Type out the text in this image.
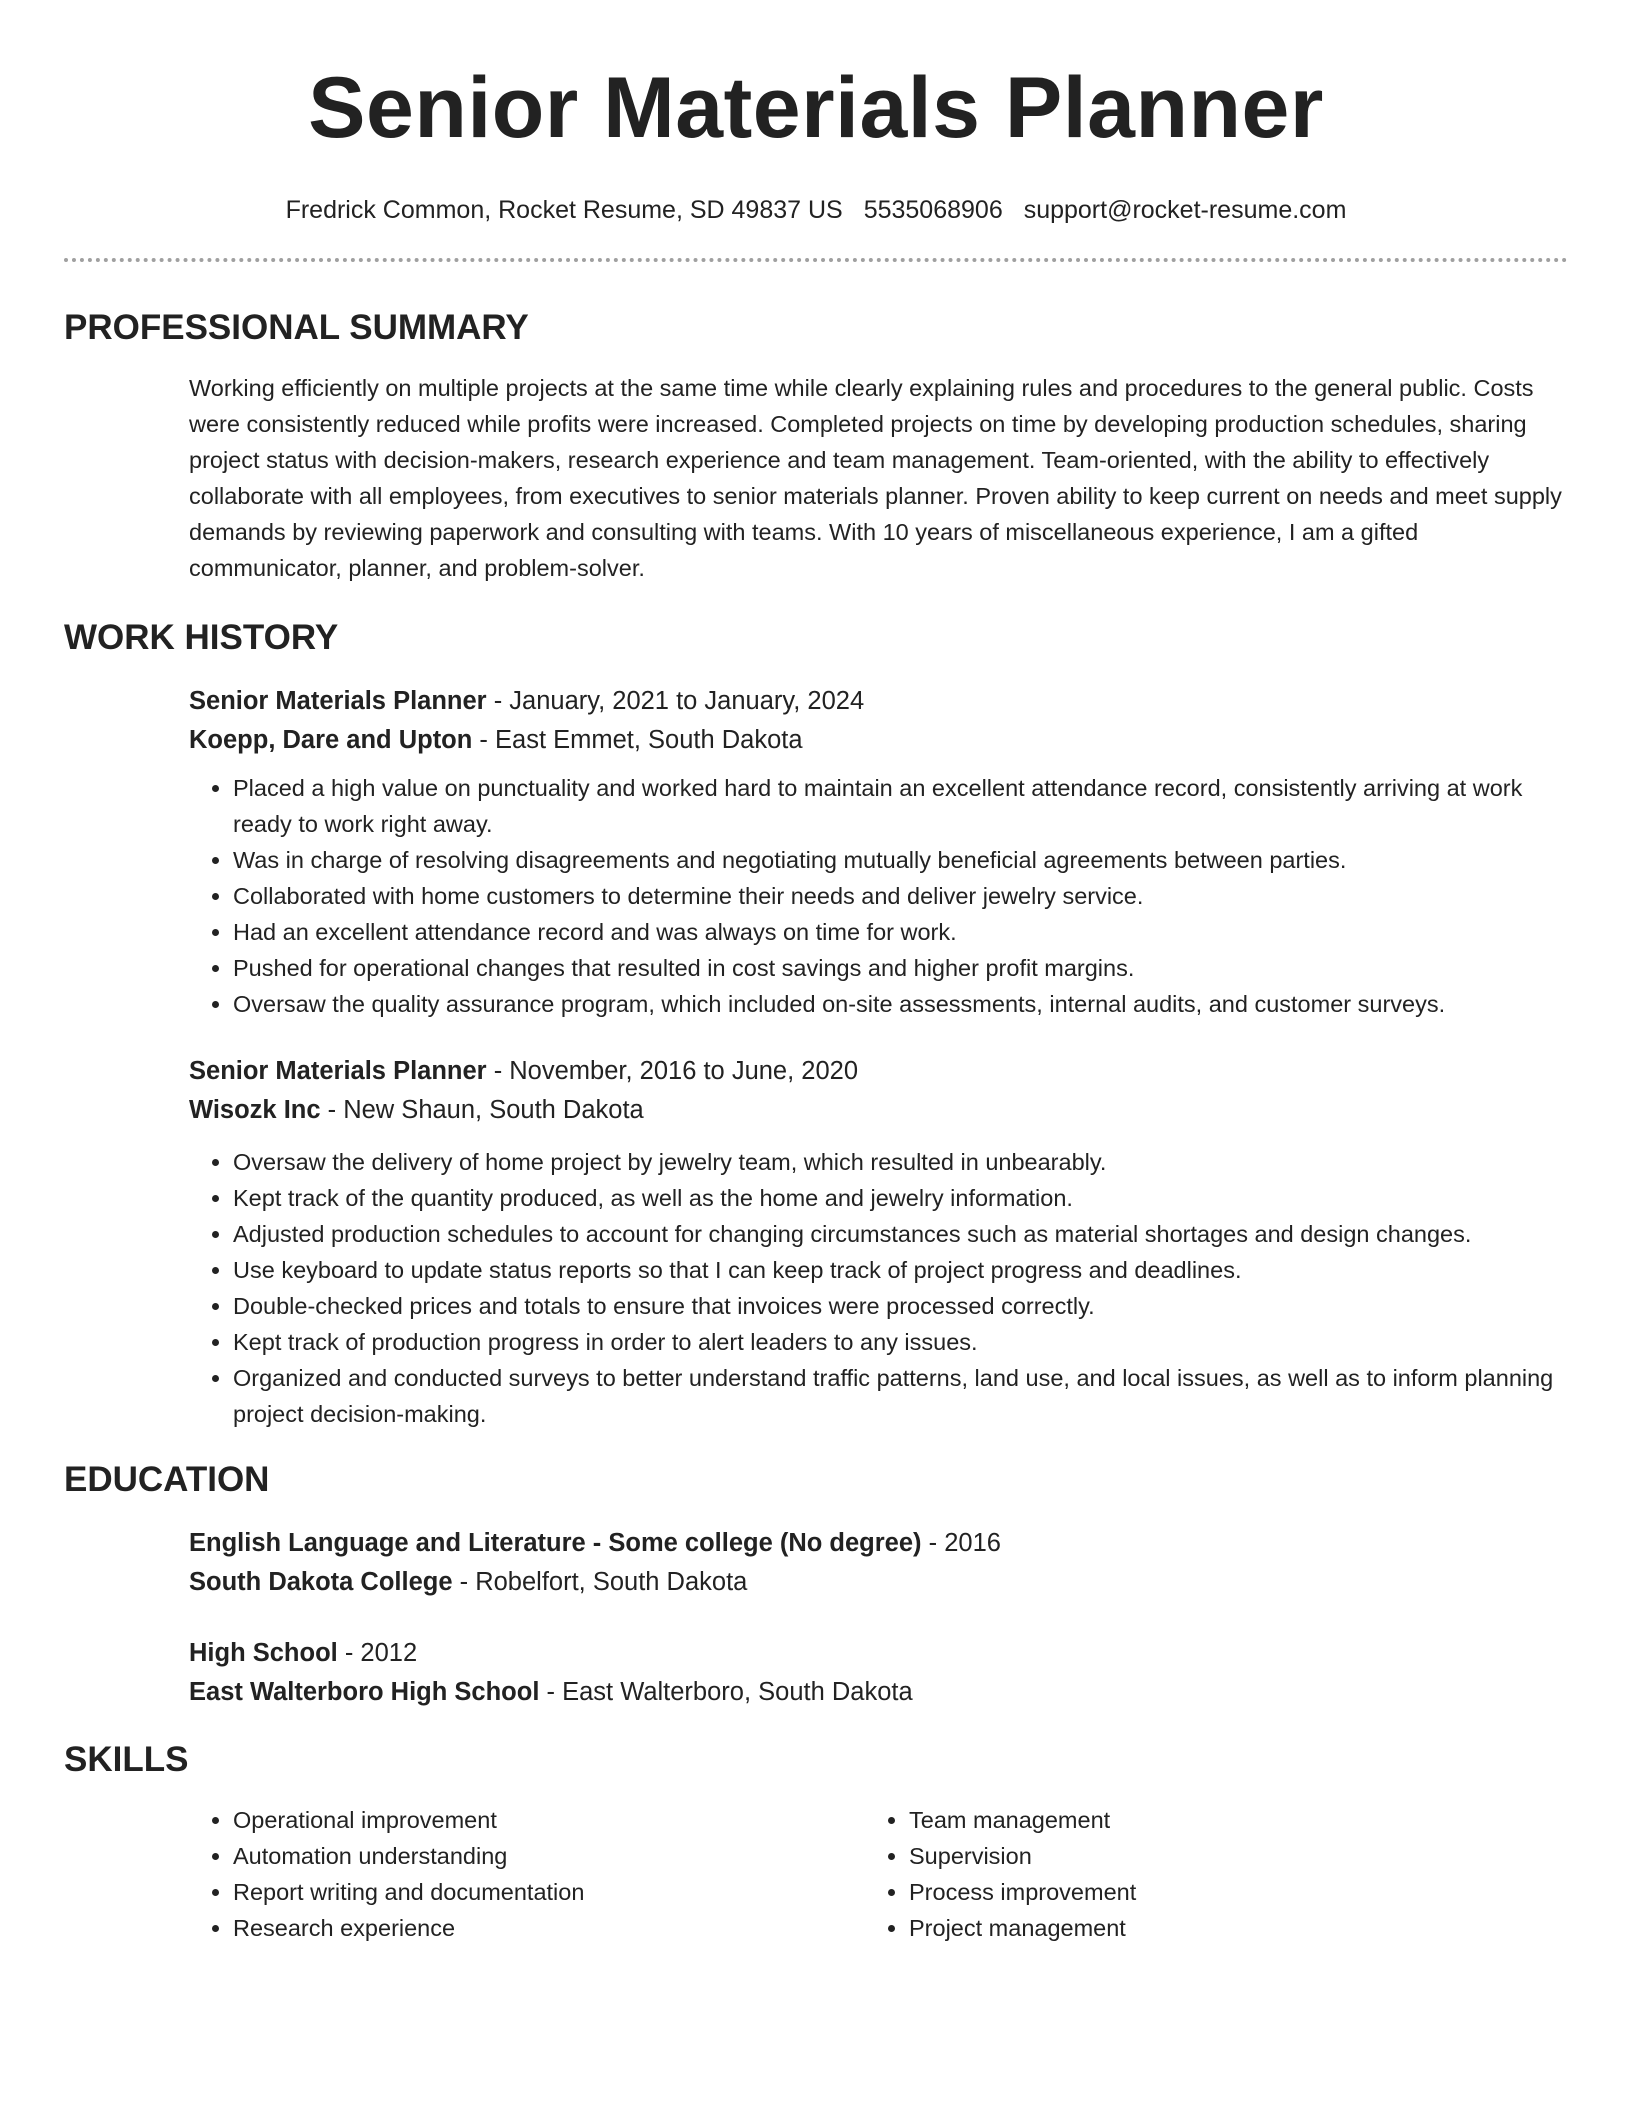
Senior Materials Planner
Fredrick Common, Rocket Resume, SD 49837 US 5535068906 support@rocket-resume.com
PROFESSIONAL SUMMARY
Working efficiently on multiple projects at the same time while clearly explaining rules and procedures to the general public. Costs were consistently reduced while profits were increased. Completed projects on time by developing production schedules, sharing project status with decision-makers, research experience and team management. Team-oriented, with the ability to effectively collaborate with all employees, from executives to senior materials planner. Proven ability to keep current on needs and meet supply demands by reviewing paperwork and consulting with teams. With 10 years of miscellaneous experience, I am a gifted communicator, planner, and problem-solver.
WORK HISTORY
Senior Materials Planner - January, 2021 to January, 2024
Koepp, Dare and Upton - East Emmet, South Dakota
• Placed a high value on punctuality and worked hard to maintain an excellent attendance record, consistently arriving at work ready to work right away.
• Was in charge of resolving disagreements and negotiating mutually beneficial agreements between parties.
• Collaborated with home customers to determine their needs and deliver jewelry service.
• Had an excellent attendance record and was always on time for work.
• Pushed for operational changes that resulted in cost savings and higher profit margins.
• Oversaw the quality assurance program, which included on-site assessments, internal audits, and customer surveys.
Senior Materials Planner - November, 2016 to June, 2020
Wisozk Inc - New Shaun, South Dakota
• Oversaw the delivery of home project by jewelry team, which resulted in unbearably.
• Kept track of the quantity produced, as well as the home and jewelry information.
• Adjusted production schedules to account for changing circumstances such as material shortages and design changes.
• Use keyboard to update status reports so that I can keep track of project progress and deadlines.
• Double-checked prices and totals to ensure that invoices were processed correctly.
• Kept track of production progress in order to alert leaders to any issues.
• Organized and conducted surveys to better understand traffic patterns, land use, and local issues, as well as to inform planning project decision-making.
EDUCATION
English Language and Literature - Some college (No degree) - 2016
South Dakota College - Robelfort, South Dakota
High School - 2012
East Walterboro High School - East Walterboro, South Dakota
SKILLS
• Operational improvement
• Automation understanding
• Report writing and documentation
• Research experience
• Team management
• Supervision
• Process improvement
• Project management
